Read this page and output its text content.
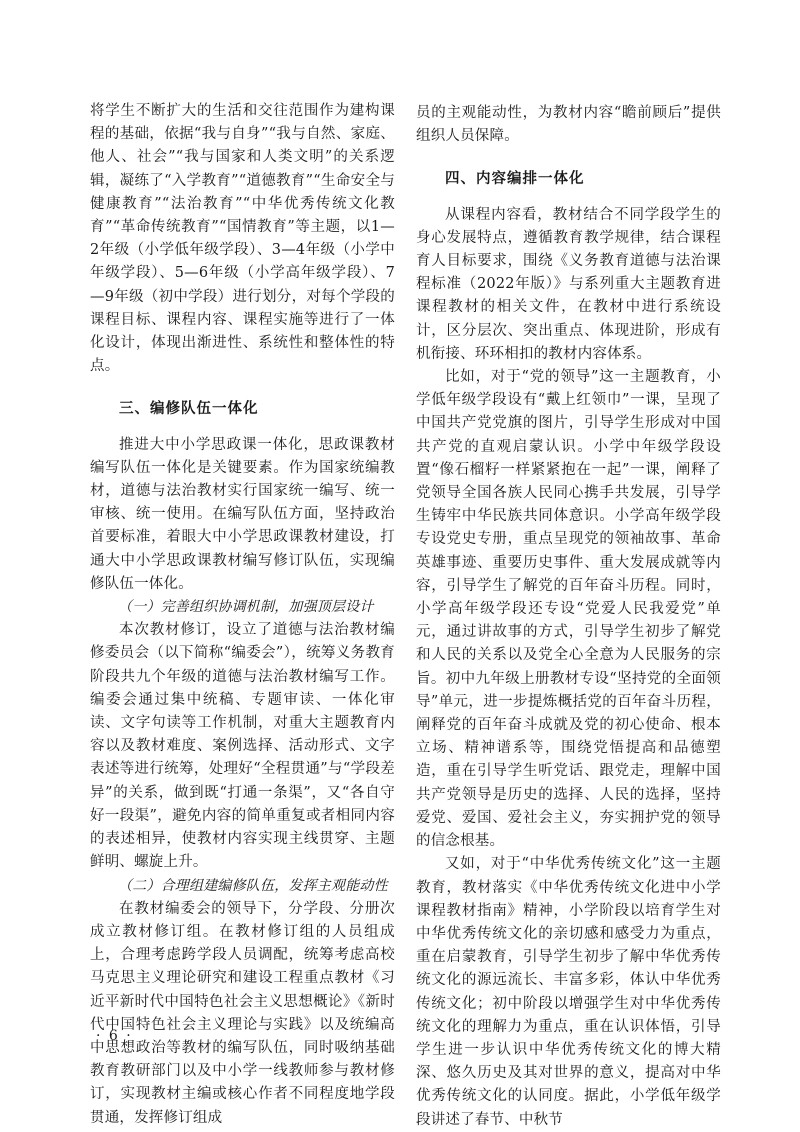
将学生不断扩大的生活和交往范围作为建构课程的基础，依据“我与自身”“我与自然、家庭、他人、社会”“我与国家和人类文明”的关系逻辑，凝练了“入学教育”“道德教育”“生命安全与健康教育”“法治教育”“中华优秀传统文化教育”“革命传统教育”“国情教育”等主题，以1—2年级（小学低年级学段）、3—4年级（小学中年级学段）、5—6年级（小学高年级学段）、7—9年级（初中学段）进行划分，对每个学段的课程目标、课程内容、课程实施等进行了一体化设计，体现出渐进性、系统性和整体性的特点。

三、编修队伍一体化

推进大中小学思政课一体化，思政课教材编写队伍一体化是关键要素。作为国家统编教材，道德与法治教材实行国家统一编写、统一审核、统一使用。在编写队伍方面，坚持政治首要标准，着眼大中小学思政课教材建设，打通大中小学思政课教材编写修订队伍，实现编修队伍一体化。

（一）完善组织协调机制，加强顶层设计

本次教材修订，设立了道德与法治教材编修委员会（以下简称“编委会”），统筹义务教育阶段共九个年级的道德与法治教材编写工作。编委会通过集中统稿、专题审读、一体化审读、文字句读等工作机制，对重大主题教育内容以及教材难度、案例选择、活动形式、文字表述等进行统筹，处理好“全程贯通”与“学段差异”的关系，做到既“打通一条渠”，又“各自守好一段渠”，避免内容的简单重复或者相同内容的表述相异，使教材内容实现主线贯穿、主题鲜明、螺旋上升。

（二）合理组建编修队伍，发挥主观能动性

在教材编委会的领导下，分学段、分册次成立教材修订组。在教材修订组的人员组成上，合理考虑跨学段人员调配，统筹考虑高校马克思主义理论研究和建设工程重点教材《习近平新时代中国特色社会主义思想概论》《新时代中国特色社会主义理论与实践》以及统编高中思想政治等教材的编写队伍，同时吸纳基础教育教研部门以及中小学一线教师参与教材修订，实现教材主编或核心作者不同程度地学段贯通，发挥修订组成

员的主观能动性，为教材内容“瞻前顾后”提供组织人员保障。

四、内容编排一体化

从课程内容看，教材结合不同学段学生的身心发展特点，遵循教育教学规律，结合课程育人目标要求，围绕《义务教育道德与法治课程标准（2022年版）》与系列重大主题教育进课程教材的相关文件，在教材中进行系统设计，区分层次、突出重点、体现进阶，形成有机衔接、环环相扣的教材内容体系。

比如，对于“党的领导”这一主题教育，小学低年级学段设有“戴上红领巾”一课，呈现了中国共产党党旗的图片，引导学生形成对中国共产党的直观启蒙认识。小学中年级学段设置“像石榴籽一样紧紧抱在一起”一课，阐释了党领导全国各族人民同心携手共发展，引导学生铸牢中华民族共同体意识。小学高年级学段专设党史专册，重点呈现党的领袖故事、革命英雄事迹、重要历史事件、重大发展成就等内容，引导学生了解党的百年奋斗历程。同时，小学高年级学段还专设“党爱人民我爱党”单元，通过讲故事的方式，引导学生初步了解党和人民的关系以及党全心全意为人民服务的宗旨。初中九年级上册教材专设“坚持党的全面领导”单元，进一步提炼概括党的百年奋斗历程，阐释党的百年奋斗成就及党的初心使命、根本立场、精神谱系等，围绕党悟提高和品德塑造，重在引导学生听党话、跟党走，理解中国共产党领导是历史的选择、人民的选择，坚持爱党、爱国、爱社会主义，夯实拥护党的领导的信念根基。

又如，对于“中华优秀传统文化”这一主题教育，教材落实《中华优秀传统文化进中小学课程教材指南》精神，小学阶段以培育学生对中华优秀传统文化的亲切感和感受力为重点，重在启蒙教育，引导学生初步了解中华优秀传统文化的源远流长、丰富多彩，体认中华优秀传统文化；初中阶段以增强学生对中华优秀传统文化的理解力为重点，重在认识体悟，引导学生进一步认识中华优秀传统文化的博大精深、悠久历史及其对世界的意义，提高对中华优秀传统文化的认同度。据此，小学低年级学段讲述了春节、中秋节

· 6 ·
